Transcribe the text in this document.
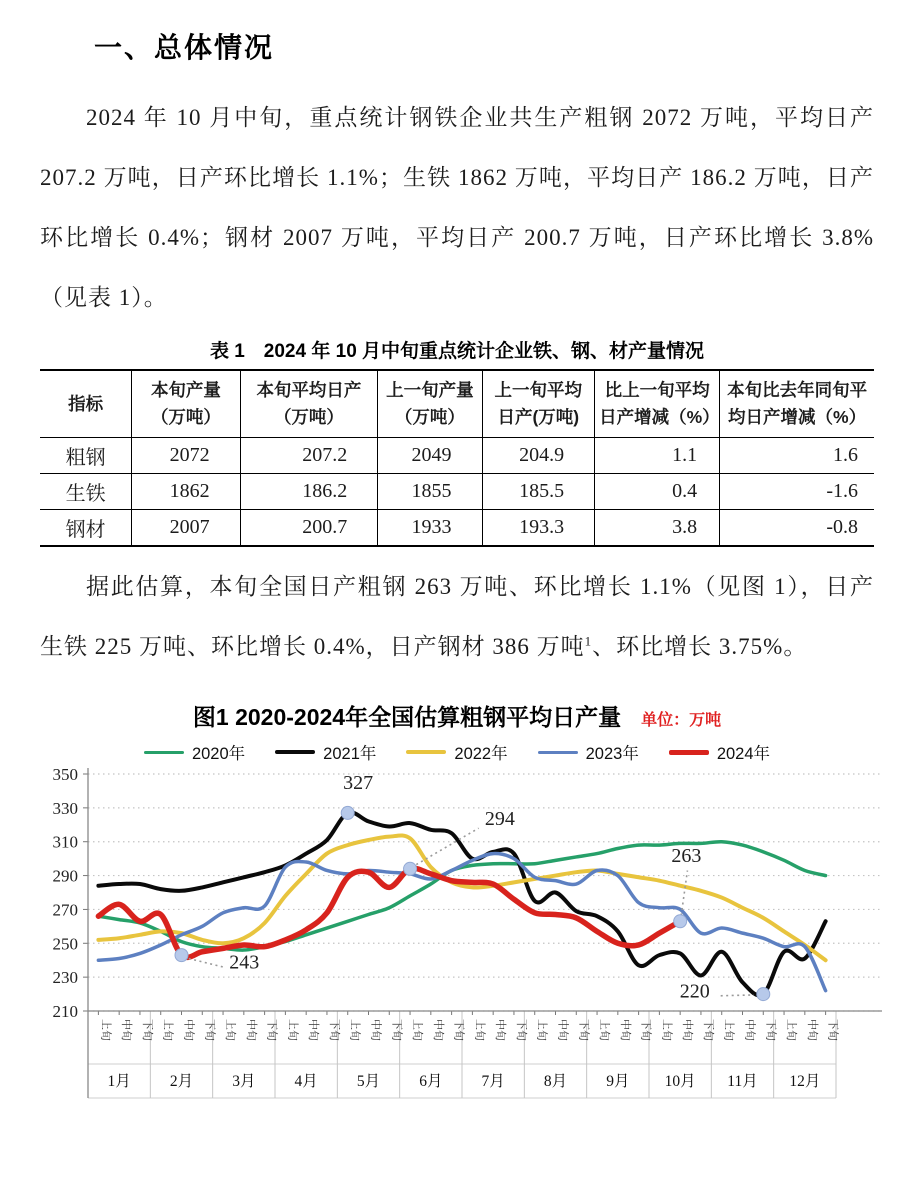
一、总体情况

2024 年 10 月中旬，重点统计钢铁企业共生产粗钢 2072 万吨，平均日产 207.2 万吨，日产环比增长 1.1%；生铁 1862 万吨，平均日产 186.2 万吨，日产环比增长 0.4%；钢材 2007 万吨，平均日产 200.7 万吨，日产环比增长 3.8%（见表 1）。

表 1　2024 年 10 月中旬重点统计企业铁、钢、材产量情况
指标	本旬产量（万吨）	本旬平均日产（万吨）	上一旬产量（万吨）	上一旬平均日产(万吨)	比上一旬平均日产增减（%）	本旬比去年同旬平均日产增减（%）
粗钢	2072	207.2	2049	204.9	1.1	1.6
生铁	1862	186.2	1855	185.5	0.4	-1.6
钢材	2007	200.7	1933	193.3	3.8	-0.8

据此估算，本旬全国日产粗钢 263 万吨、环比增长 1.1%（见图 1），日产生铁 225 万吨、环比增长 0.4%，日产钢材 386 万吨$^1$、环比增长 3.75%。

图1 2020-2024年全国估算粗钢平均日产量 单位：万吨
2020年	2021年	2022年	2023年	2024年
350
330
310
290
270
250
230
210
1月	2月	3月	4月	5月	6月	7月	8月	9月 10月 11月 12月
上旬 中旬 下旬 上旬 中旬 下旬 上旬 中旬 下旬 上旬 中旬 下旬 上旬 中旬 下旬 上旬 中旬 下旬 上旬 中旬 下旬 上旬 中旬 下旬 上旬 中旬 下旬 上旬 中旬 下旬 上旬 中旬 下旬 上旬 中旬 下旬
327
243
294
263
220
